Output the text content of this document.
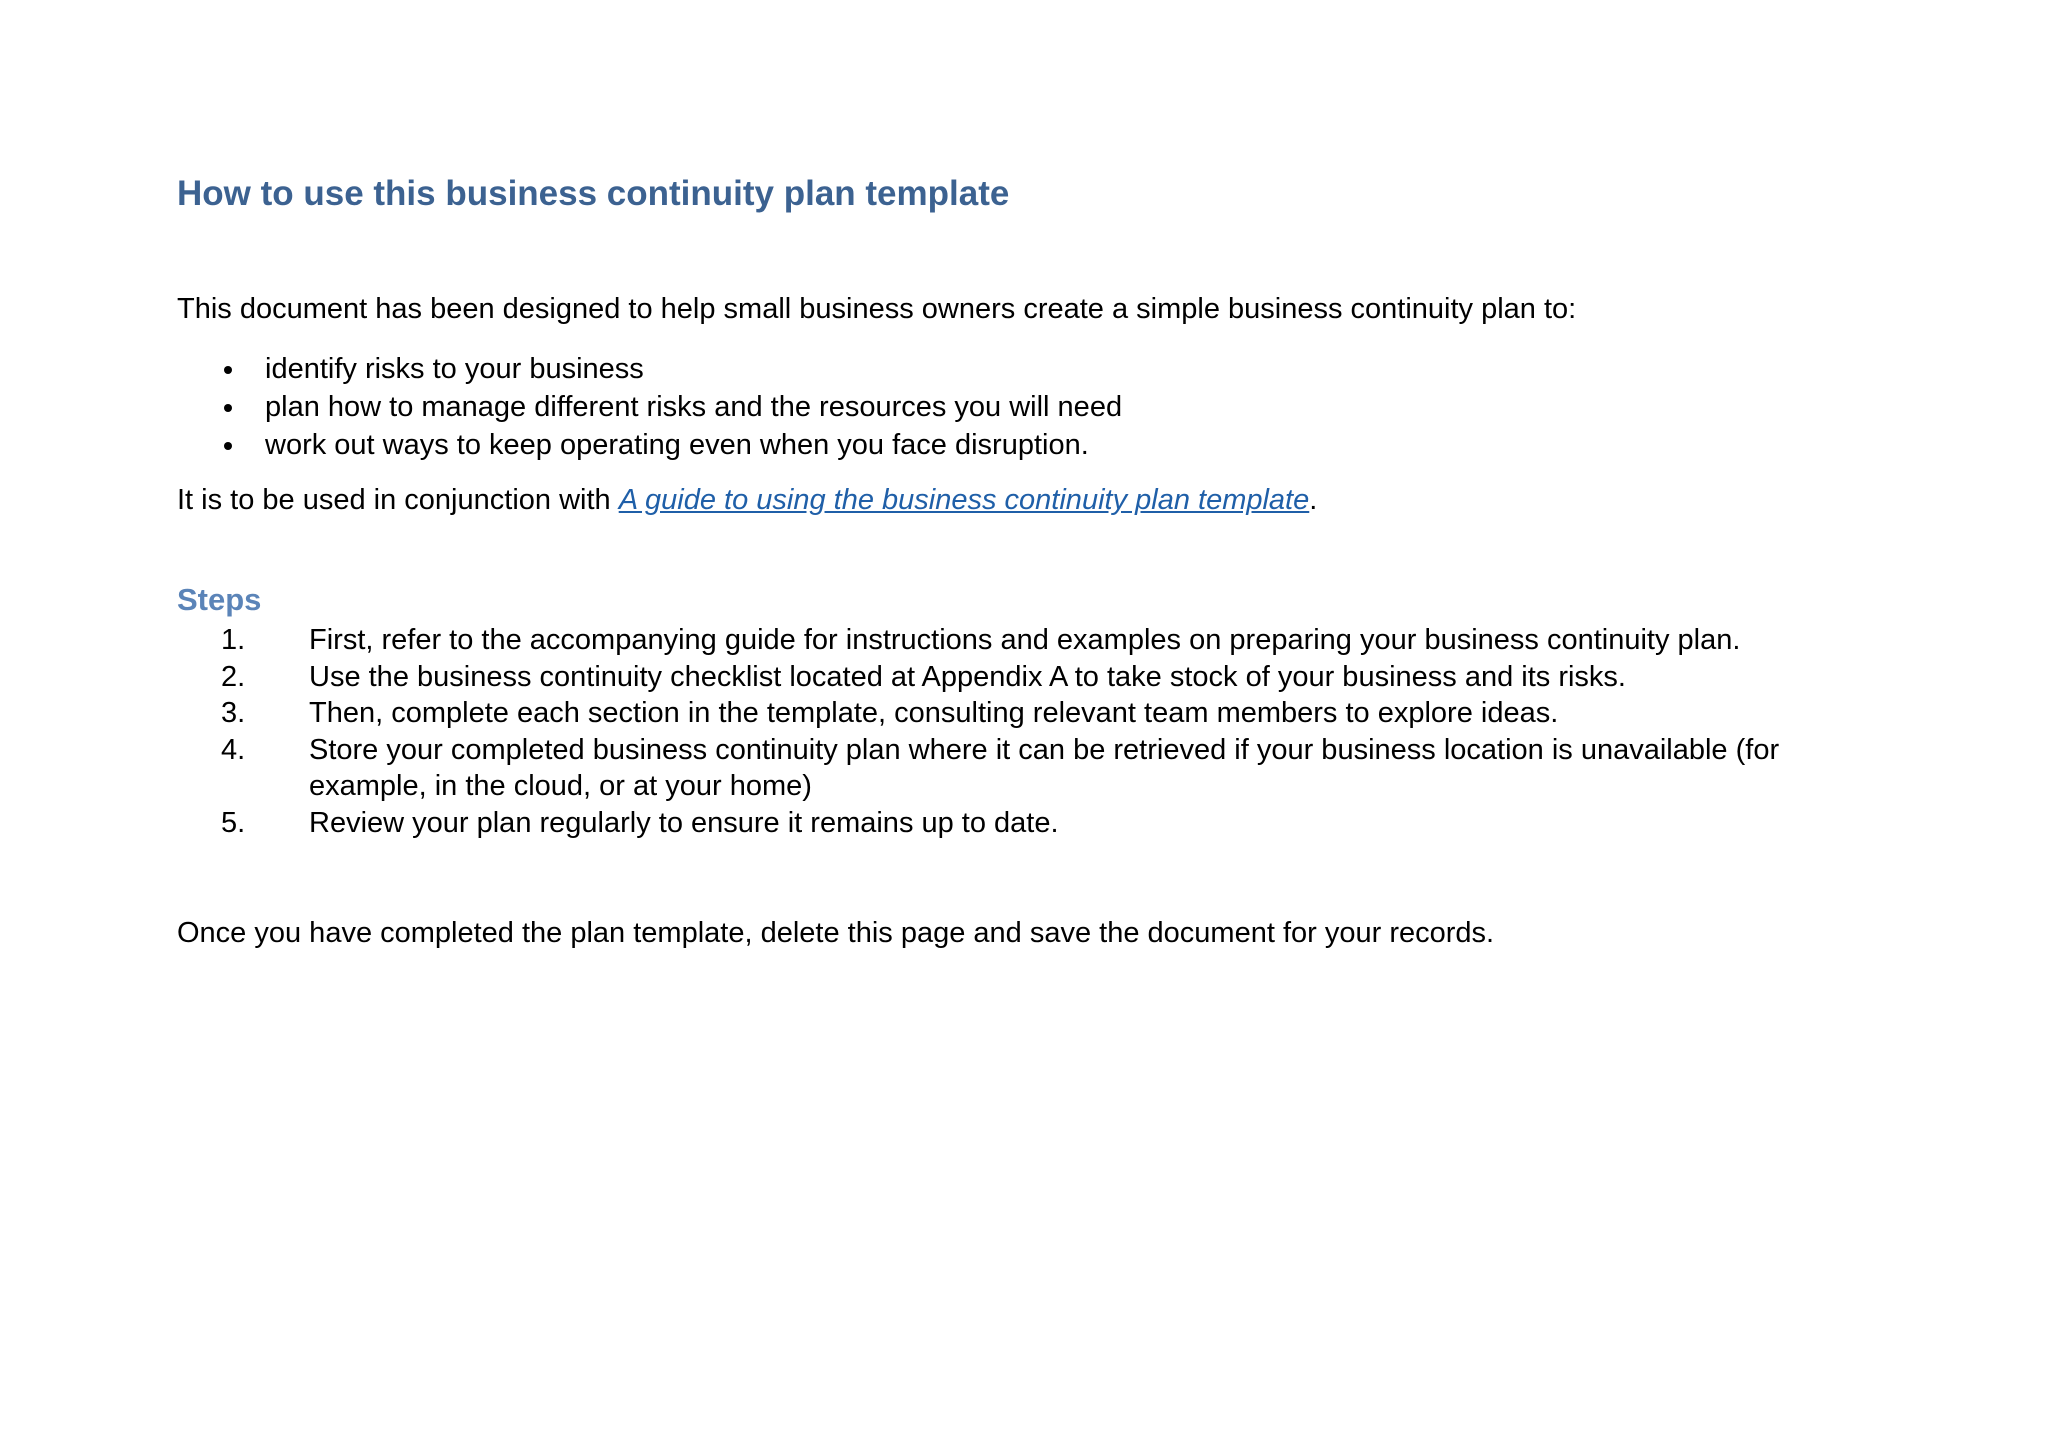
How to use this business continuity plan template

This document has been designed to help small business owners create a simple business continuity plan to:

identify risks to your business
plan how to manage different risks and the resources you will need
work out ways to keep operating even when you face disruption.

It is to be used in conjunction with A guide to using the business continuity plan template.

Steps
1. First, refer to the accompanying guide for instructions and examples on preparing your business continuity plan.
2. Use the business continuity checklist located at Appendix A to take stock of your business and its risks.
3. Then, complete each section in the template, consulting relevant team members to explore ideas.
4. Store your completed business continuity plan where it can be retrieved if your business location is unavailable (for
example, in the cloud, or at your home)
5. Review your plan regularly to ensure it remains up to date.

Once you have completed the plan template, delete this page and save the document for your records.
